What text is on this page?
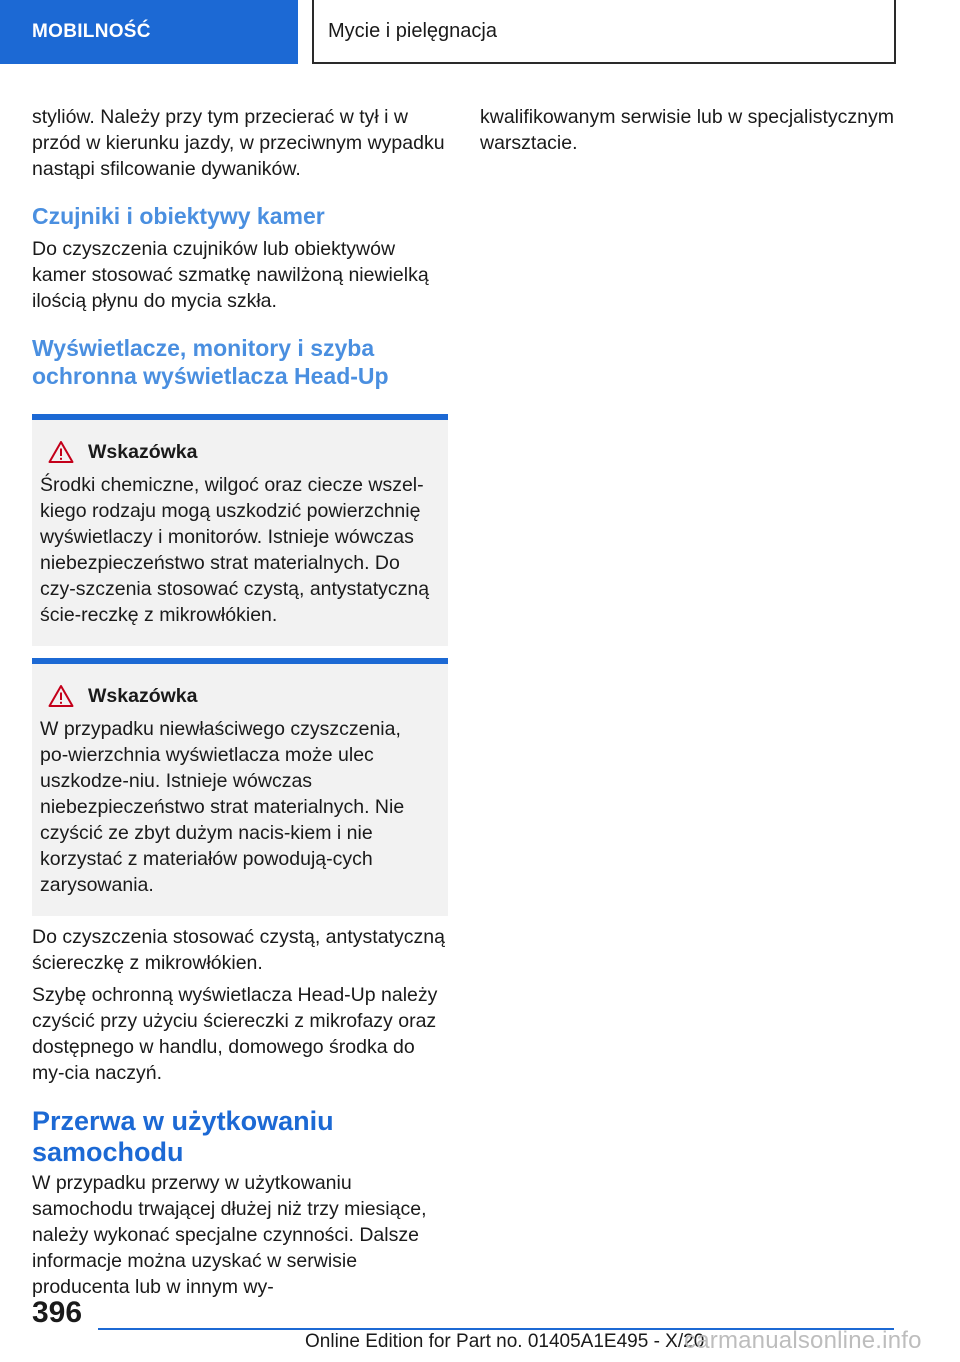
MOBILNOŚĆ	Mycie i pielęgnacja

styliów. Należy przy tym przecierać w tył i w przód w kierunku jazdy, w przeciwnym wypadku nastąpi sfilcowanie dywaników.

Czujniki i obiektywy kamer

Do czyszczenia czujników lub obiektywów kamer stosować szmatkę nawilżoną niewielką ilością płynu do mycia szkła.

Wyświetlacze, monitory i szyba ochronna wyświetlacza Head-Up
Wskazówka

Środki chemiczne, wilgoć oraz ciecze wszel-kiego rodzaju mogą uszkodzić powierzchnię wyświetlaczy i monitorów. Istnieje wówczas niebezpieczeństwo strat materialnych. Do czy-szczenia stosować czystą, antystatyczną ście-reczkę z mikrowłókien.

Wskazówka

W przypadku niewłaściwego czyszczenia, po-wierzchnia wyświetlacza może ulec uszkodze-niu. Istnieje wówczas niebezpieczeństwo strat materialnych. Nie czyścić ze zbyt dużym nacis-kiem i nie korzystać z materiałów powodują-cych zarysowania.

Do czyszczenia stosować czystą, antystatyczną ściereczkę z mikrowłókien.

Szybę ochronną wyświetlacza Head-Up należy czyścić przy użyciu ściereczki z mikrofazy oraz dostępnego w handlu, domowego środka do my-cia naczyń.

Przerwa w użytkowaniu samochodu

W przypadku przerwy w użytkowaniu samochodu trwającej dłużej niż trzy miesiące, należy wykonać specjalne czynności. Dalsze informacje można uzyskać w serwisie producenta lub w innym wy-

kwalifikowanym serwisie lub w specjalistycznym warsztacie.

396
Online Edition for Part no. 01405A1E495 - X/20
carmanualsonline.info
